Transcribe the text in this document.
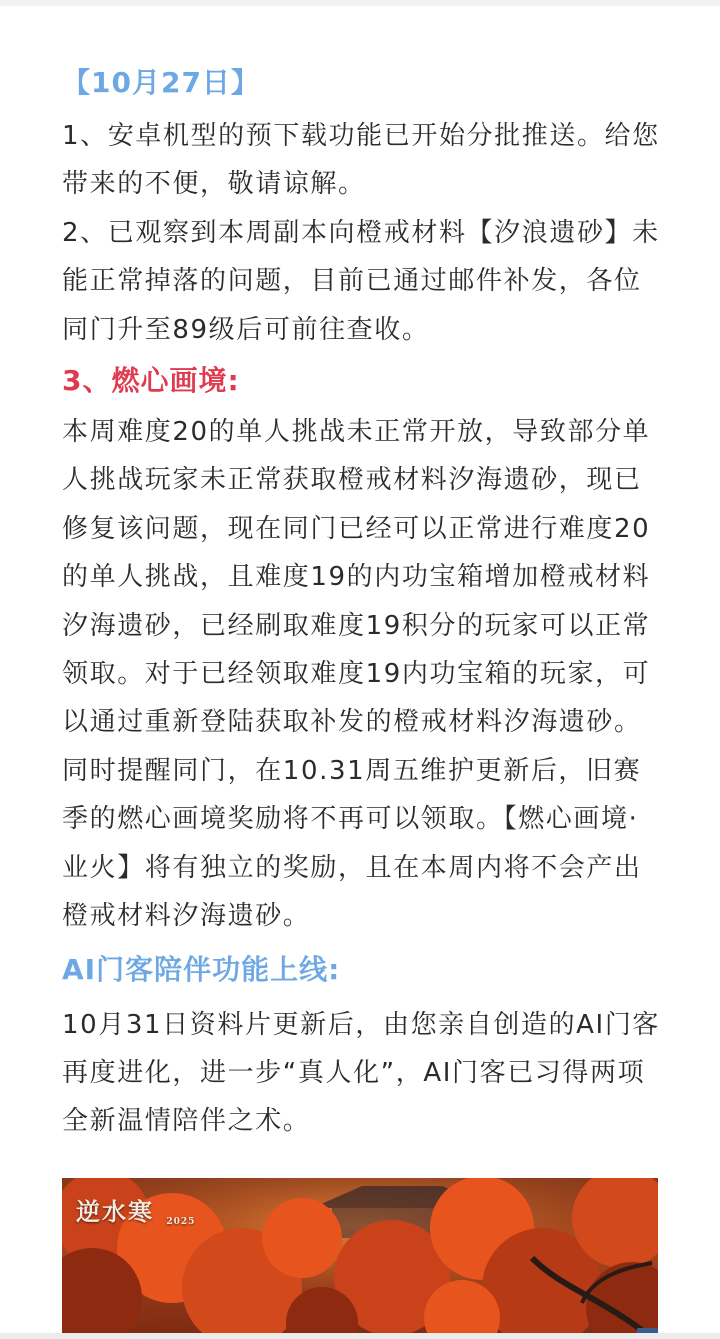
【10月27日】

1、安卓机型的预下载功能已开始分批推送。给您带来的不便，敬请谅解。

2、已观察到本周副本向橙戒材料【汐浪遗砂】未能正常掉落的问题，目前已通过邮件补发，各位同门升至89级后可前往查收。

3、燃心画境:

本周难度20的单人挑战未正常开放，导致部分单人挑战玩家未正常获取橙戒材料汐海遗砂，现已修复该问题，现在同门已经可以正常进行难度20的单人挑战，且难度19的内功宝箱增加橙戒材料汐海遗砂，已经刷取难度19积分的玩家可以正常领取。对于已经领取难度19内功宝箱的玩家，可以通过重新登陆获取补发的橙戒材料汐海遗砂。

同时提醒同门，在10.31周五维护更新后，旧赛季的燃心画境奖励将不再可以领取。【燃心画境·业火】将有独立的奖励，且在本周内将不会产出橙戒材料汐海遗砂。

AI门客陪伴功能上线:

10月31日资料片更新后，由您亲自创造的AI门客再度进化，进一步“真人化”，AI门客已习得两项全新温情陪伴之术。

逆水寒 2025
